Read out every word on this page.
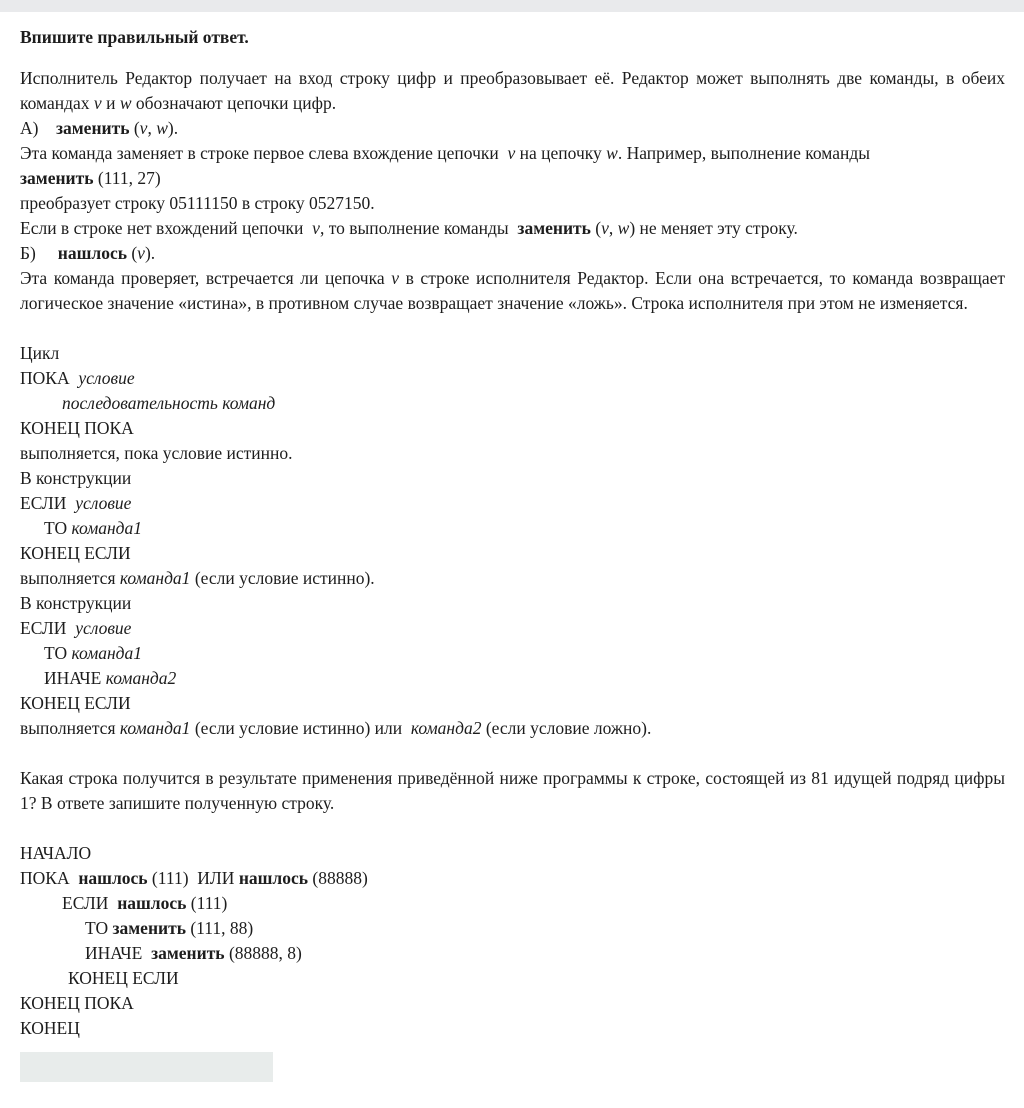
Впишите правильный ответ.

Исполнитель Редактор получает на вход строку цифр и преобразовывает её. Редактор может выполнять две команды, в обеих командах v и w обозначают цепочки цифр.

А)    заменить (v, w).
Эта команда заменяет в строке первое слева вхождение цепочки  v на цепочку w. Например, выполнение команды
заменить (111, 27)
преобразует строку 05111150 в строку 0527150.
Если в строке нет вхождений цепочки  v, то выполнение команды  заменить (v, w) не меняет эту строку.
Б)     нашлось (v).

Эта команда проверяет, встречается ли цепочка v в строке исполнителя Редактор. Если она встречается, то команда возвращает логическое значение «истина», в противном случае возвращает значение «ложь». Строка исполнителя при этом не изменяется.

Цикл
ПОКА  условие
последовательность команд
КОНЕЦ ПОКА
выполняется, пока условие истинно.
В конструкции
ЕСЛИ  условие
ТО команда1
КОНЕЦ ЕСЛИ
выполняется команда1 (если условие истинно).
В конструкции
ЕСЛИ  условие
ТО команда1
ИНАЧЕ команда2
КОНЕЦ ЕСЛИ
выполняется команда1 (если условие истинно) или  команда2 (если условие ложно).

Какая строка получится в результате применения приведённой ниже программы к строке, состоящей из 81 идущей подряд цифры 1? В ответе запишите полученную строку.

НАЧАЛО
ПОКА  нашлось (111)  ИЛИ нашлось (88888)
ЕСЛИ  нашлось (111)
ТО заменить (111, 88)
ИНАЧЕ  заменить (88888, 8)
КОНЕЦ ЕСЛИ
КОНЕЦ ПОКА
КОНЕЦ
